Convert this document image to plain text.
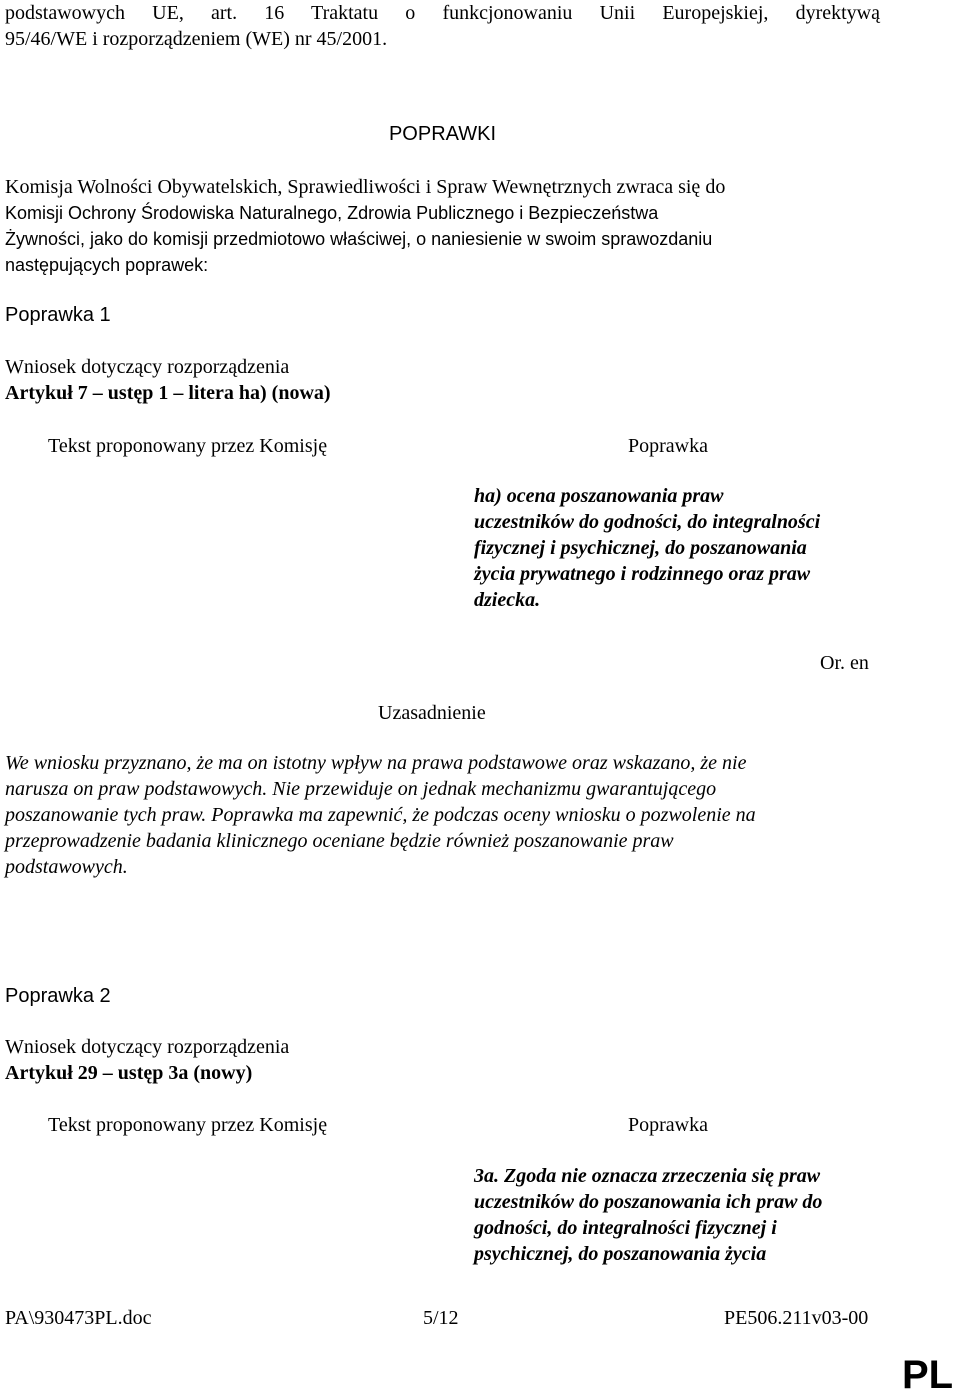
podstawowych UE, art. 16 Traktatu o funkcjonowaniu Unii Europejskiej, dyrektywą

95/46/WE i rozporządzeniem (WE) nr 45/2001.

POPRAWKI

Komisja Wolności Obywatelskich, Sprawiedliwości i Spraw Wewnętrznych zwraca się do

Komisji Ochrony Środowiska Naturalnego, Zdrowia Publicznego i Bezpieczeństwa

Żywności, jako do komisji przedmiotowo właściwej, o naniesienie w swoim sprawozdaniu

następujących poprawek:

Poprawka 1

Wniosek dotyczący rozporządzenia

Artykuł 7 – ustęp 1 – litera ha) (nowa)

Tekst proponowany przez Komisję	Poprawka

ha) ocena poszanowania praw

uczestników do godności, do integralności

fizycznej i psychicznej, do poszanowania

życia prywatnego i rodzinnego oraz praw

dziecka.

Or. en

Uzasadnienie

We wniosku przyznano, że ma on istotny wpływ na prawa podstawowe oraz wskazano, że nie

narusza on praw podstawowych. Nie przewiduje on jednak mechanizmu gwarantującego

poszanowanie tych praw. Poprawka ma zapewnić, że podczas oceny wniosku o pozwolenie na

przeprowadzenie badania klinicznego oceniane będzie również poszanowanie praw

podstawowych.

Poprawka 2

Wniosek dotyczący rozporządzenia

Artykuł 29 – ustęp 3a (nowy)

Tekst proponowany przez Komisję	Poprawka

3a. Zgoda nie oznacza zrzeczenia się praw

uczestników do poszanowania ich praw do

godności, do integralności fizycznej i

psychicznej, do poszanowania życia

PA\930473PL.doc	5/12	PE506.211v03-00

PL
